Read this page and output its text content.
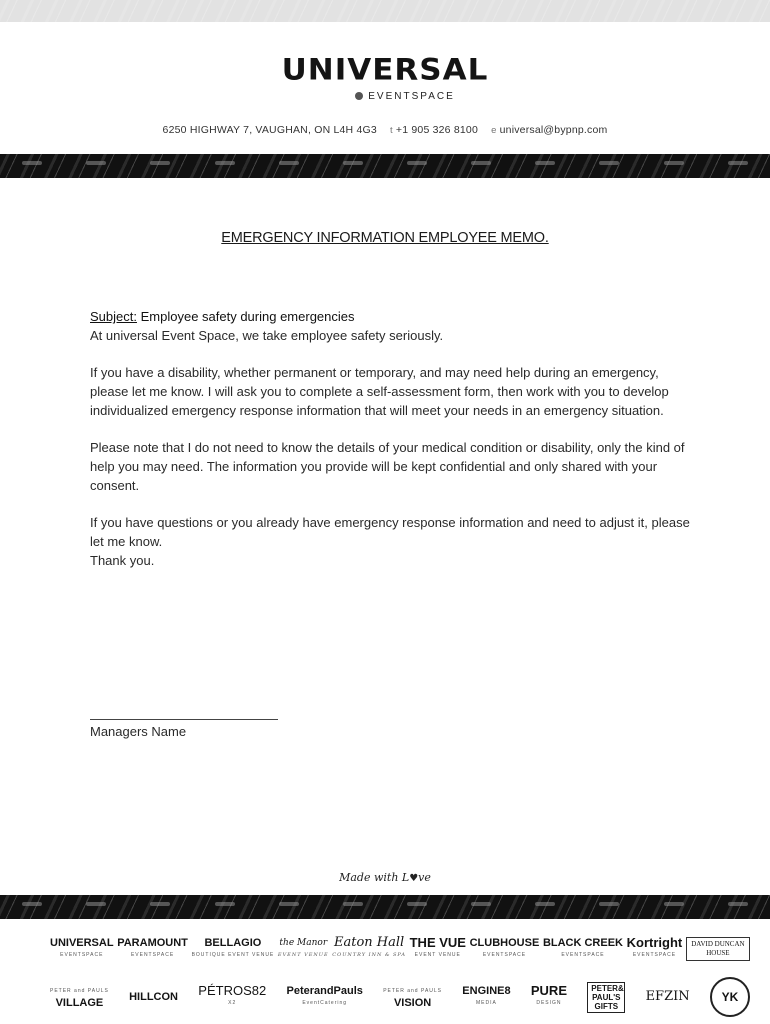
UNIVERSAL
EVENTSPACE
6250 HIGHWAY 7, VAUGHAN, ON L4H 4G3 t +1 905 326 8100 e universal@bypnp.com
EMERGENCY INFORMATION EMPLOYEE MEMO.

Subject: Employee safety during emergencies

At universal Event Space, we take employee safety seriously.

If you have a disability, whether permanent or temporary, and may need help during an emergency, please let me know. I will ask you to complete a self-assessment form, then work with you to develop individualized emergency response information that will meet your needs in an emergency situation.

Please note that I do not need to know the details of your medical condition or disability, only the kind of help you may need. The information you provide will be kept confidential and only shared with your consent.

If you have questions or you already have emergency response information and need to adjust it, please let me know.

Thank you.

Managers Name
Made with L♥ve
UNIVERSAL
EVENTSPACE
PARAMOUNT
EVENTSPACE
BELLAGIO
BOUTIQUE EVENT VENUE
the Manor
EVENT VENUE
Eaton Hall
COUNTRY INN & SPA
THE VUE
EVENT VENUE
CLUBHOUSE
EVENTSPACE
BLACK CREEK
EVENTSPACE
Kortright
EVENTSPACE
DAVID DUNCAN HOUSE
PETER and PAULS
VILLAGE	HILLCON PÉTROS82
X2
PeterandPauls
EventCatering
PETER and PAULS
VISION
ENGINE8
MEDIA
PURE
DESIGN
PETER& PAUL'S GIFTS
EFZIN	YK
